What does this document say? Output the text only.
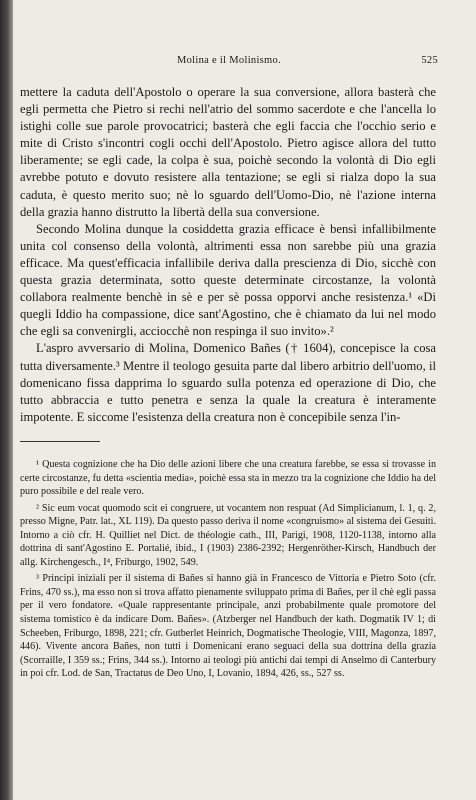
Molina e il Molinismo.	525

mettere la caduta dell'Apostolo o operare la sua conversione, allora basterà che egli permetta che Pietro si rechi nell'atrio del sommo sacerdote e che l'ancella lo istighi colle sue parole provocatrici; basterà che egli faccia che l'occhio serio e mite di Cristo s'incontri cogli occhi dell'Apostolo. Pietro agisce allora del tutto liberamente; se egli cade, la colpa è sua, poichè secondo la volontà di Dio egli avrebbe potuto e dovuto resistere alla tentazione; se egli si rialza dopo la sua caduta, è questo merito suo; nè lo sguardo dell'Uomo-Dio, nè l'azione interna della grazia hanno distrutto la libertà della sua conversione.

Secondo Molina dunque la cosiddetta grazia efficace è bensì infallibilmente unita col consenso della volontà, altrimenti essa non sarebbe più una grazia efficace. Ma quest'efficacia infallibile deriva dalla prescienza di Dio, sicchè con questa grazia determinata, sotto queste determinate circostanze, la volontà collabora realmente benchè in sè e per sè possa opporvi anche resistenza.¹ «Di quegli Iddio ha compassione, dice sant'Agostino, che è chiamato da lui nel modo che egli sa convenirgli, acciocchè non respinga il suo invito».²

L'aspro avversario di Molina, Domenico Bañes († 1604), concepisce la cosa tutta diversamente.³ Mentre il teologo gesuita parte dal libero arbitrio dell'uomo, il domenicano fissa dapprima lo sguardo sulla potenza ed operazione di Dio, che tutto abbraccia e tutto penetra e senza la quale la creatura è interamente impotente. E siccome l'esistenza della creatura non è concepibile senza l'in-

¹ Questa cognizione che ha Dio delle azioni libere che una creatura farebbe, se essa si trovasse in certe circostanze, fu detta «scientia media», poichè essa sta in mezzo tra la cognizione che Iddio ha del puro possibile e del reale vero.

² Sic eum vocat quomodo scit ei congruere, ut vocantem non respuat (Ad Simplicianum, l. 1, q. 2, presso Migne, Patr. lat., XL 119). Da questo passo deriva il nome «congruismo» al sistema dei Gesuiti. Intorno a ciò cfr. H. Quilliet nel Dict. de théologie cath., III, Parigi, 1908, 1120-1138, intorno alla dottrina di sant'Agostino E. Portalié, ibid., I (1903) 2386-2392; Hergenröther-Kirsch, Handbuch der allg. Kirchengesch., I⁴, Friburgo, 1902, 549.

³ Principi iniziali per il sistema di Bañes si hanno già in Francesco de Vittoria e Pietro Soto (cfr. Frins, 470 ss.), ma esso non si trova affatto pienamente sviluppato prima di Bañes, per il chè egli passa per il vero fondatore. «Quale rappresentante principale, anzi probabilmente quale promotore del sistema tomistico è da indicare Dom. Bañes». (Atzberger nel Handbuch der kath. Dogmatik IV 1; di Scheeben, Friburgo, 1898, 221; cfr. Gutberlet Heinrich, Dogmatische Theologie, VIII, Magonza, 1897, 446). Vivente ancora Bañes, non tutti i Domenicani erano seguaci della sua dottrina della grazia (Scorraille, I 359 ss.; Frins, 344 ss.). Intorno ai teologi più antichi dai tempi di Anselmo di Canterbury in poi cfr. Lod. de San, Tractatus de Deo Uno, I, Lovanio, 1894, 426, ss., 527 ss.
